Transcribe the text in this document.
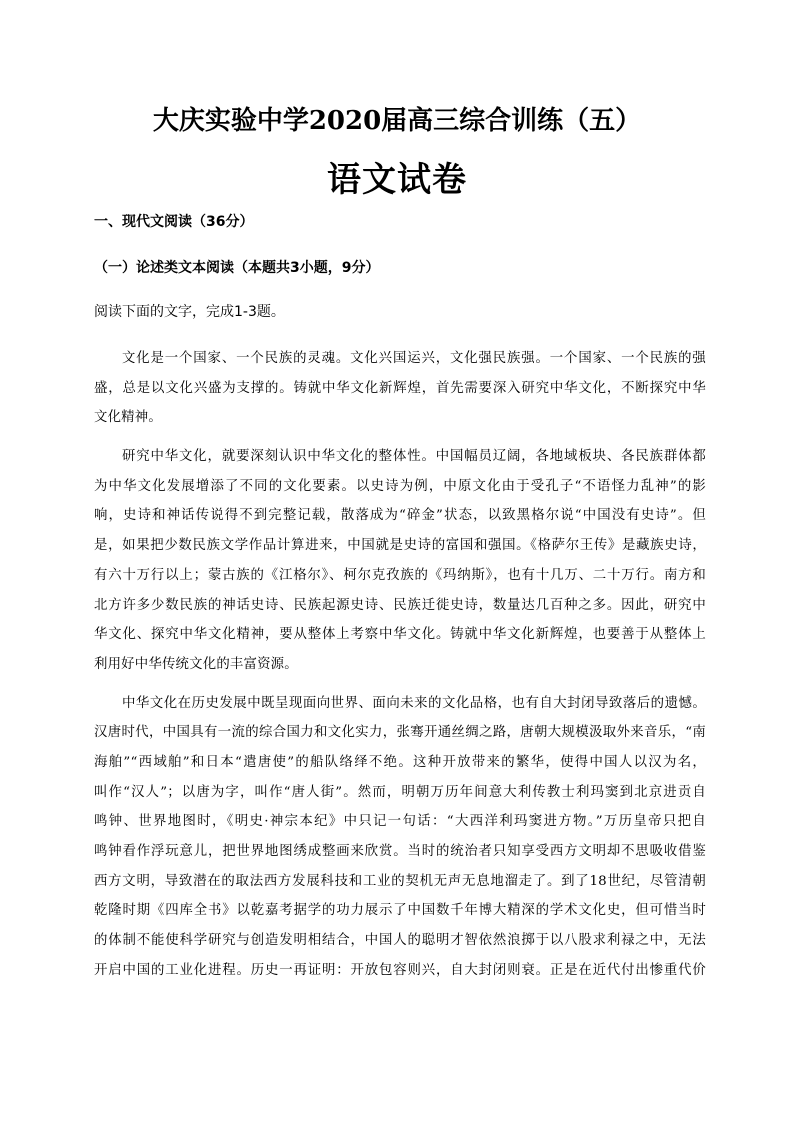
大庆实验中学2020届高三综合训练（五）
语文试卷
一、现代文阅读（36分）
（一）论述类文本阅读（本题共3小题，9分）
阅读下面的文字，完成1-3题。
文化是一个国家、一个民族的灵魂。文化兴国运兴，文化强民族强。一个国家、一个民族的强
盛，总是以文化兴盛为支撑的。铸就中华文化新辉煌，首先需要深入研究中华文化，不断探究中华
文化精神。
研究中华文化，就要深刻认识中华文化的整体性。中国幅员辽阔，各地域板块、各民族群体都
为中华文化发展增添了不同的文化要素。以史诗为例，中原文化由于受孔子“不语怪力乱神”的影
响，史诗和神话传说得不到完整记载，散落成为“碎金”状态，以致黑格尔说“中国没有史诗”。但
是，如果把少数民族文学作品计算进来，中国就是史诗的富国和强国。《格萨尔王传》是藏族史诗，
有六十万行以上；蒙古族的《江格尔》、柯尔克孜族的《玛纳斯》，也有十几万、二十万行。南方和
北方许多少数民族的神话史诗、民族起源史诗、民族迁徙史诗，数量达几百种之多。因此，研究中
华文化、探究中华文化精神，要从整体上考察中华文化。铸就中华文化新辉煌，也要善于从整体上
利用好中华传统文化的丰富资源。
中华文化在历史发展中既呈现面向世界、面向未来的文化品格，也有自大封闭导致落后的遗憾。
汉唐时代，中国具有一流的综合国力和文化实力，张骞开通丝绸之路，唐朝大规模汲取外来音乐，“南
海舶”“西域舶”和日本“遣唐使”的船队络绎不绝。这种开放带来的繁华，使得中国人以汉为名，
叫作“汉人”；以唐为字，叫作“唐人街”。然而，明朝万历年间意大利传教士利玛窦到北京进贡自
鸣钟、世界地图时，《明史·神宗本纪》中只记一句话：“大西洋利玛窦进方物。”万历皇帝只把自
鸣钟看作浮玩意儿，把世界地图绣成整画来欣赏。当时的统治者只知享受西方文明却不思吸收借鉴
西方文明，导致潜在的取法西方发展科技和工业的契机无声无息地溜走了。到了18世纪，尽管清朝
乾隆时期《四库全书》以乾嘉考据学的功力展示了中国数千年博大精深的学术文化史，但可惜当时
的体制不能使科学研究与创造发明相结合，中国人的聪明才智依然浪掷于以八股求利禄之中，无法
开启中国的工业化进程。历史一再证明：开放包容则兴，自大封闭则衰。正是在近代付出惨重代价
